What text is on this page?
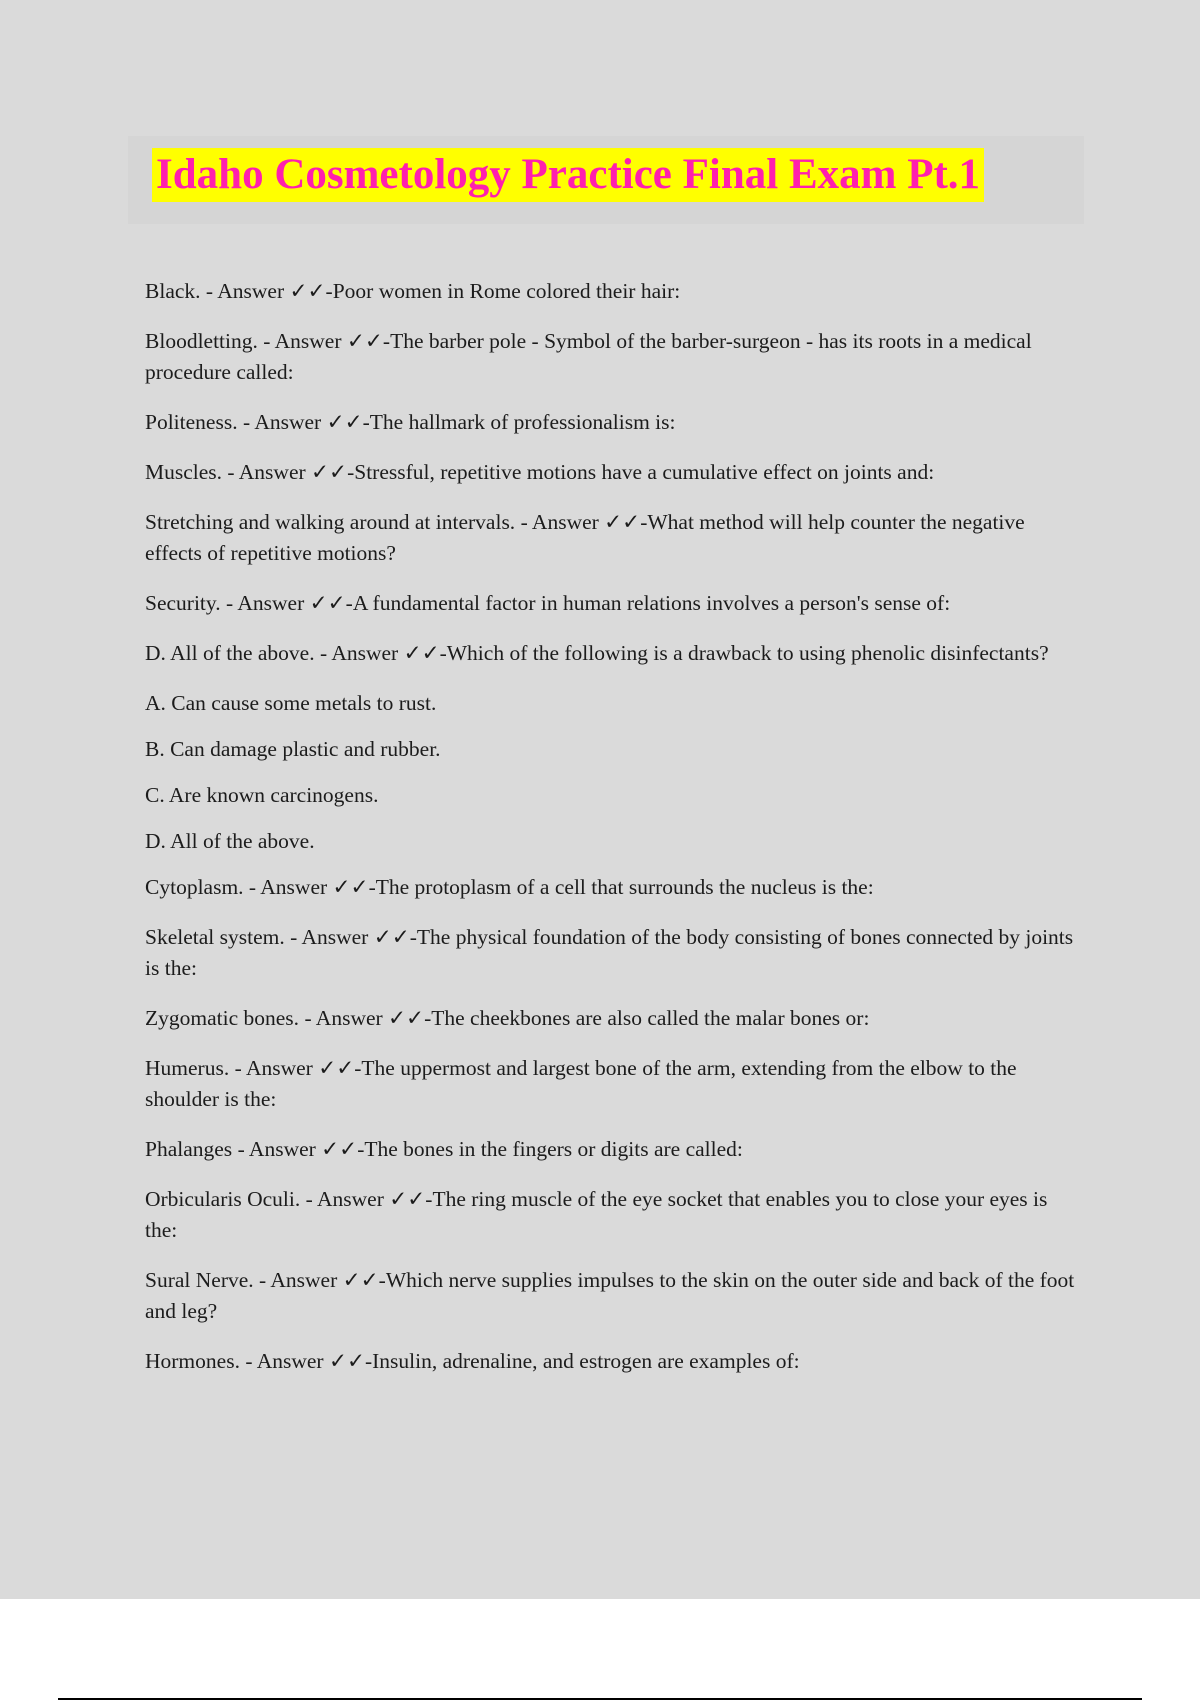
Idaho Cosmetology Practice Final Exam Pt.1
Black. - Answer ✓✓-Poor women in Rome colored their hair:
Bloodletting. - Answer ✓✓-The barber pole - Symbol of the barber-surgeon - has its roots in a medical procedure called:
Politeness. - Answer ✓✓-The hallmark of professionalism is:
Muscles. - Answer ✓✓-Stressful, repetitive motions have a cumulative effect on joints and:
Stretching and walking around at intervals. - Answer ✓✓-What method will help counter the negative effects of repetitive motions?
Security. - Answer ✓✓-A fundamental factor in human relations involves a person's sense of:
D. All of the above. - Answer ✓✓-Which of the following is a drawback to using phenolic disinfectants?
A. Can cause some metals to rust.
B. Can damage plastic and rubber.
C. Are known carcinogens.
D. All of the above.
Cytoplasm. - Answer ✓✓-The protoplasm of a cell that surrounds the nucleus is the:
Skeletal system. - Answer ✓✓-The physical foundation of the body consisting of bones connected by joints is the:
Zygomatic bones. - Answer ✓✓-The cheekbones are also called the malar bones or:
Humerus. - Answer ✓✓-The uppermost and largest bone of the arm, extending from the elbow to the shoulder is the:
Phalanges - Answer ✓✓-The bones in the fingers or digits are called:
Orbicularis Oculi. - Answer ✓✓-The ring muscle of the eye socket that enables you to close your eyes is the:
Sural Nerve. - Answer ✓✓-Which nerve supplies impulses to the skin on the outer side and back of the foot and leg?
Hormones. - Answer ✓✓-Insulin, adrenaline, and estrogen are examples of:
